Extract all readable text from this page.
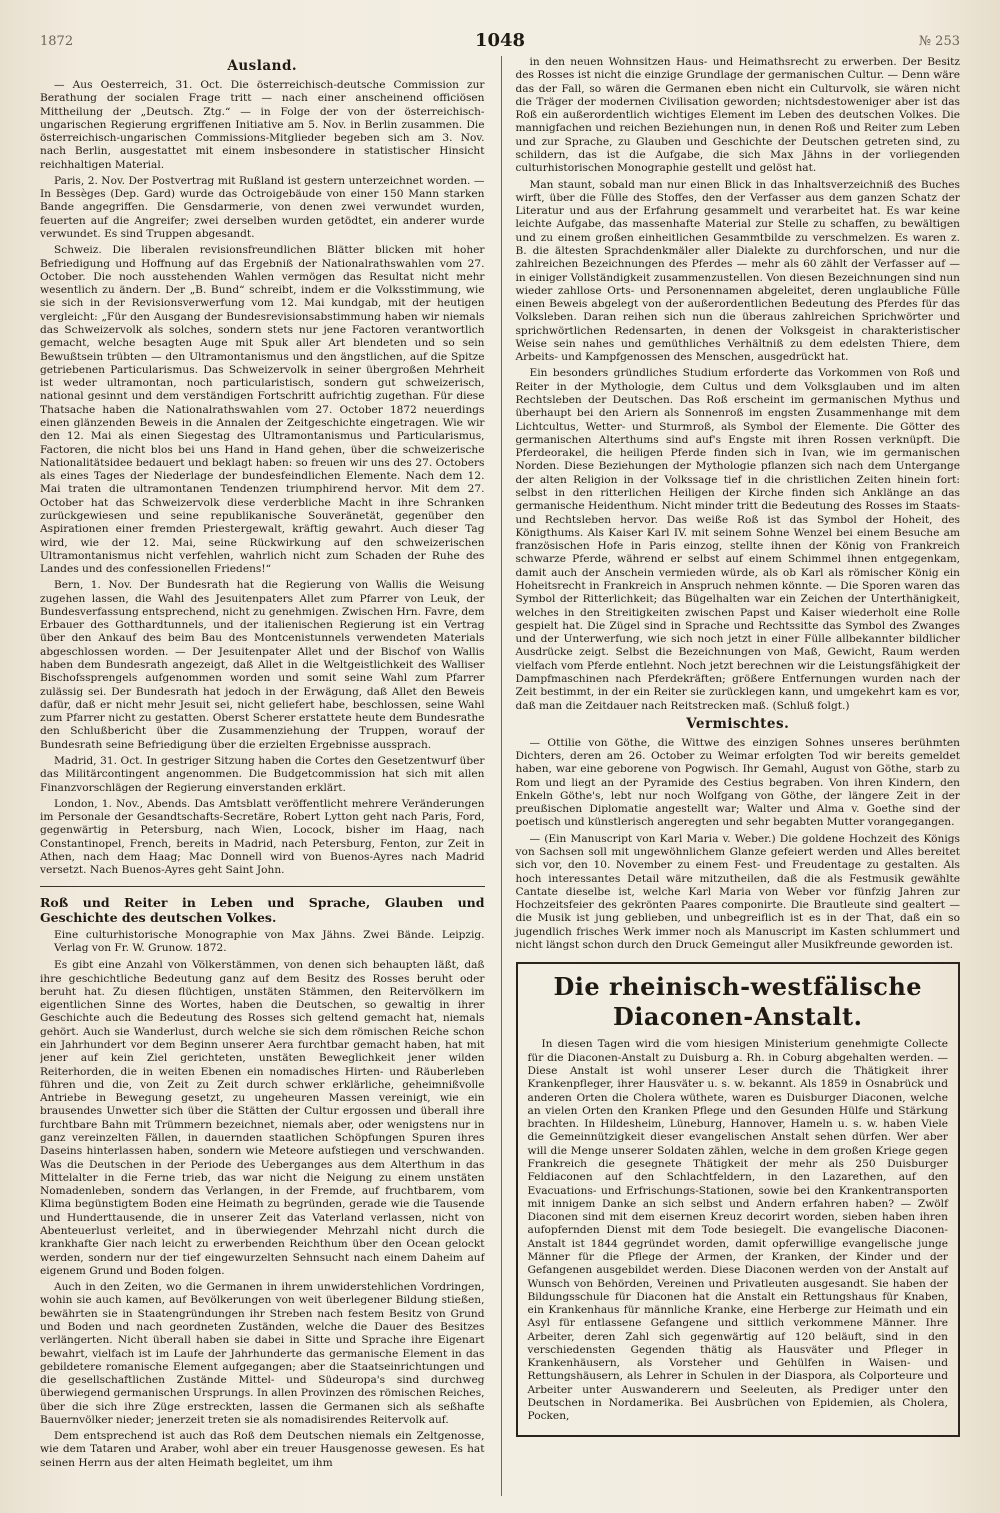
1872	1048	№ 253
Ausland.

— Aus Oesterreich, 31. Oct. Die österreichisch-deutsche Commission zur Berathung der socialen Frage tritt — nach einer anscheinend officiösen Mittheilung der „Deutsch. Ztg.“ — in Folge der von der österreichisch-ungarischen Regierung ergriffenen Initiative am 5. Nov. in Berlin zusammen. Die österreichisch-ungarischen Commissions-Mitglieder begeben sich am 3. Nov. nach Berlin, ausgestattet mit einem insbesondere in statistischer Hinsicht reichhaltigen Material.

Paris, 2. Nov. Der Postvertrag mit Rußland ist gestern unterzeichnet worden. — In Bessèges (Dep. Gard) wurde das Octroigebäude von einer 150 Mann starken Bande angegriffen. Die Gensdarmerie, von denen zwei verwundet wurden, feuerten auf die Angreifer; zwei derselben wurden getödtet, ein anderer wurde verwundet. Es sind Truppen abgesandt.

Schweiz. Die liberalen revisionsfreundlichen Blätter blicken mit hoher Befriedigung und Hoffnung auf das Ergebniß der Nationalrathswahlen vom 27. October. Die noch ausstehenden Wahlen vermögen das Resultat nicht mehr wesentlich zu ändern. Der „B. Bund“ schreibt, indem er die Volksstimmung, wie sie sich in der Revisionsverwerfung vom 12. Mai kundgab, mit der heutigen vergleicht: „Für den Ausgang der Bundesrevisionsabstimmung haben wir niemals das Schweizervolk als solches, sondern stets nur jene Factoren verantwortlich gemacht, welche besagten Auge mit Spuk aller Art blendeten und so sein Bewußtsein trübten — den Ultramontanismus und den ängstlichen, auf die Spitze getriebenen Particularismus. Das Schweizervolk in seiner übergroßen Mehrheit ist weder ultramontan, noch particularistisch, sondern gut schweizerisch, national gesinnt und dem verständigen Fortschritt aufrichtig zugethan. Für diese Thatsache haben die Nationalrathswahlen vom 27. October 1872 neuerdings einen glänzenden Beweis in die Annalen der Zeitgeschichte eingetragen. Wie wir den 12. Mai als einen Siegestag des Ultramontanismus und Particularismus, Factoren, die nicht blos bei uns Hand in Hand gehen, über die schweizerische Nationalitätsidee bedauert und beklagt haben: so freuen wir uns des 27. Octobers als eines Tages der Niederlage der bundesfeindlichen Elemente. Nach dem 12. Mai traten die ultramontanen Tendenzen triumphirend hervor. Mit dem 27. October hat das Schweizervolk diese verderbliche Macht in ihre Schranken zurückgewiesen und seine republikanische Souveränetät, gegenüber den Aspirationen einer fremden Priestergewalt, kräftig gewahrt. Auch dieser Tag wird, wie der 12. Mai, seine Rückwirkung auf den schweizerischen Ultramontanismus nicht verfehlen, wahrlich nicht zum Schaden der Ruhe des Landes und des confessionellen Friedens!“

Bern, 1. Nov. Der Bundesrath hat die Regierung von Wallis die Weisung zugehen lassen, die Wahl des Jesuitenpaters Allet zum Pfarrer von Leuk, der Bundesverfassung entsprechend, nicht zu genehmigen. Zwischen Hrn. Favre, dem Erbauer des Gotthardtunnels, und der italienischen Regierung ist ein Vertrag über den Ankauf des beim Bau des Montcenistunnels verwendeten Materials abgeschlossen worden. — Der Jesuitenpater Allet und der Bischof von Wallis haben dem Bundesrath angezeigt, daß Allet in die Weltgeistlichkeit des Walliser Bischofssprengels aufgenommen worden und somit seine Wahl zum Pfarrer zulässig sei. Der Bundesrath hat jedoch in der Erwägung, daß Allet den Beweis dafür, daß er nicht mehr Jesuit sei, nicht geliefert habe, beschlossen, seine Wahl zum Pfarrer nicht zu gestatten. Oberst Scherer erstattete heute dem Bundesrathe den Schlußbericht über die Zusammenziehung der Truppen, worauf der Bundesrath seine Befriedigung über die erzielten Ergebnisse aussprach.

Madrid, 31. Oct. In gestriger Sitzung haben die Cortes den Gesetzentwurf über das Militärcontingent angenommen. Die Budgetcommission hat sich mit allen Finanzvorschlägen der Regierung einverstanden erklärt.

London, 1. Nov., Abends. Das Amtsblatt veröffentlicht mehrere Veränderungen im Personale der Gesandtschafts-Secretäre, Robert Lytton geht nach Paris, Ford, gegenwärtig in Petersburg, nach Wien, Locock, bisher im Haag, nach Constantinopel, French, bereits in Madrid, nach Petersburg, Fenton, zur Zeit in Athen, nach dem Haag; Mac Donnell wird von Buenos-Ayres nach Madrid versetzt. Nach Buenos-Ayres geht Saint John.

Roß und Reiter in Leben und Sprache, Glauben und Geschichte des deutschen Volkes.
Eine culturhistorische Monographie von Max Jähns. Zwei Bände. Leipzig. Verlag von Fr. W. Grunow. 1872.

Es gibt eine Anzahl von Völkerstämmen, von denen sich behaupten läßt, daß ihre geschichtliche Bedeutung ganz auf dem Besitz des Rosses beruht oder beruht hat. Zu diesen flüchtigen, unstäten Stämmen, den Reitervölkern im eigentlichen Sinne des Wortes, haben die Deutschen, so gewaltig in ihrer Geschichte auch die Bedeutung des Rosses sich geltend gemacht hat, niemals gehört. Auch sie Wanderlust, durch welche sie sich dem römischen Reiche schon ein Jahrhundert vor dem Beginn unserer Aera furchtbar gemacht haben, hat mit jener auf kein Ziel gerichteten, unstäten Beweglichkeit jener wilden Reiterhorden, die in weiten Ebenen ein nomadisches Hirten- und Räuberleben führen und die, von Zeit zu Zeit durch schwer erklärliche, geheimnißvolle Antriebe in Bewegung gesetzt, zu ungeheuren Massen vereinigt, wie ein brausendes Unwetter sich über die Stätten der Cultur ergossen und überall ihre furchtbare Bahn mit Trümmern bezeichnet, niemals aber, oder wenigstens nur in ganz vereinzelten Fällen, in dauernden staatlichen Schöpfungen Spuren ihres Daseins hinterlassen haben, sondern wie Meteore aufstiegen und verschwanden. Was die Deutschen in der Periode des Ueberganges aus dem Alterthum in das Mittelalter in die Ferne trieb, das war nicht die Neigung zu einem unstäten Nomadenleben, sondern das Verlangen, in der Fremde, auf fruchtbarem, vom Klima begünstigtem Boden eine Heimath zu begründen, gerade wie die Tausende und Hunderttausende, die in unserer Zeit das Vaterland verlassen, nicht von Abenteuerlust verleitet, and in überwiegender Mehrzahl nicht durch die krankhafte Gier nach leicht zu erwerbenden Reichthum über den Ocean gelockt werden, sondern nur der tief eingewurzelten Sehnsucht nach einem Daheim auf eigenem Grund und Boden folgen.

Auch in den Zeiten, wo die Germanen in ihrem unwiderstehlichen Vordringen, wohin sie auch kamen, auf Bevölkerungen von weit überlegener Bildung stießen, bewährten sie in Staatengründungen ihr Streben nach festem Besitz von Grund und Boden und nach geordneten Zuständen, welche die Dauer des Besitzes verlängerten. Nicht überall haben sie dabei in Sitte und Sprache ihre Eigenart bewahrt, vielfach ist im Laufe der Jahrhunderte das germanische Element in das gebildetere romanische Element aufgegangen; aber die Staatseinrichtungen und die gesellschaftlichen Zustände Mittel- und Südeuropa's sind durchweg überwiegend germanischen Ursprungs. In allen Provinzen des römischen Reiches, über die sich ihre Züge erstreckten, lassen die Germanen sich als seßhafte Bauernvölker nieder; jenerzeit treten sie als nomadisirendes Reitervolk auf.

Dem entsprechend ist auch das Roß dem Deutschen niemals ein Zeltgenosse, wie dem Tataren und Araber, wohl aber ein treuer Hausgenosse gewesen. Es hat seinen Herrn aus der alten Heimath begleitet, um ihm

in den neuen Wohnsitzen Haus- und Heimathsrecht zu erwerben. Der Besitz des Rosses ist nicht die einzige Grundlage der germanischen Cultur. — Denn wäre das der Fall, so wären die Germanen eben nicht ein Culturvolk, sie wären nicht die Träger der modernen Civilisation geworden; nichtsdestoweniger aber ist das Roß ein außerordentlich wichtiges Element im Leben des deutschen Volkes. Die mannigfachen und reichen Beziehungen nun, in denen Roß und Reiter zum Leben und zur Sprache, zu Glauben und Geschichte der Deutschen getreten sind, zu schildern, das ist die Aufgabe, die sich Max Jähns in der vorliegenden culturhistorischen Monographie gestellt und gelöst hat.

Man staunt, sobald man nur einen Blick in das Inhaltsverzeichniß des Buches wirft, über die Fülle des Stoffes, den der Verfasser aus dem ganzen Schatz der Literatur und aus der Erfahrung gesammelt und verarbeitet hat. Es war keine leichte Aufgabe, das massenhafte Material zur Stelle zu schaffen, zu bewältigen und zu einem großen einheitlichen Gesammtbilde zu verschmelzen. Es waren z. B. die ältesten Sprachdenkmäler aller Dialekte zu durchforschen, und nur die zahlreichen Bezeichnungen des Pferdes — mehr als 60 zählt der Verfasser auf — in einiger Vollständigkeit zusammenzustellen. Von diesen Bezeichnungen sind nun wieder zahllose Orts- und Personennamen abgeleitet, deren unglaubliche Fülle einen Beweis abgelegt von der außerordentlichen Bedeutung des Pferdes für das Volksleben. Daran reihen sich nun die überaus zahlreichen Sprichwörter und sprichwörtlichen Redensarten, in denen der Volksgeist in charakteristischer Weise sein nahes und gemüthliches Verhältniß zu dem edelsten Thiere, dem Arbeits- und Kampfgenossen des Menschen, ausgedrückt hat.

Ein besonders gründliches Studium erforderte das Vorkommen von Roß und Reiter in der Mythologie, dem Cultus und dem Volksglauben und im alten Rechtsleben der Deutschen. Das Roß erscheint im germanischen Mythus und überhaupt bei den Ariern als Sonnenroß im engsten Zusammenhange mit dem Lichtcultus, Wetter- und Sturmroß, als Symbol der Elemente. Die Götter des germanischen Alterthums sind auf's Engste mit ihren Rossen verknüpft. Die Pferdeorakel, die heiligen Pferde finden sich in Ivan, wie im germanischen Norden. Diese Beziehungen der Mythologie pflanzen sich nach dem Untergange der alten Religion in der Volkssage tief in die christlichen Zeiten hinein fort: selbst in den ritterlichen Heiligen der Kirche finden sich Anklänge an das germanische Heidenthum. Nicht minder tritt die Bedeutung des Rosses im Staats- und Rechtsleben hervor. Das weiße Roß ist das Symbol der Hoheit, des Königthums. Als Kaiser Karl IV. mit seinem Sohne Wenzel bei einem Besuche am französischen Hofe in Paris einzog, stellte ihnen der König von Frankreich schwarze Pferde, während er selbst auf einem Schimmel ihnen entgegenkam, damit auch der Anschein vermieden würde, als ob Karl als römischer König ein Hoheitsrecht in Frankreich in Anspruch nehmen könnte. — Die Sporen waren das Symbol der Ritterlichkeit; das Bügelhalten war ein Zeichen der Unterthänigkeit, welches in den Streitigkeiten zwischen Papst und Kaiser wiederholt eine Rolle gespielt hat. Die Zügel sind in Sprache und Rechtssitte das Symbol des Zwanges und der Unterwerfung, wie sich noch jetzt in einer Fülle allbekannter bildlicher Ausdrücke zeigt. Selbst die Bezeichnungen von Maß, Gewicht, Raum werden vielfach vom Pferde entlehnt. Noch jetzt berechnen wir die Leistungsfähigkeit der Dampfmaschinen nach Pferdekräften; größere Entfernungen wurden nach der Zeit bestimmt, in der ein Reiter sie zurücklegen kann, und umgekehrt kam es vor, daß man die Zeitdauer nach Reitstrecken maß. (Schluß folgt.)

Vermischtes.

— Ottilie von Göthe, die Wittwe des einzigen Sohnes unseres berühmten Dichters, deren am 26. October zu Weimar erfolgten Tod wir bereits gemeldet haben, war eine geborene von Pogwisch. Ihr Gemahl, August von Göthe, starb zu Rom und liegt an der Pyramide des Cestius begraben. Von ihren Kindern, den Enkeln Göthe's, lebt nur noch Wolfgang von Göthe, der längere Zeit in der preußischen Diplomatie angestellt war; Walter und Alma v. Goethe sind der poetisch und künstlerisch angeregten und sehr begabten Mutter vorangegangen.

— (Ein Manuscript von Karl Maria v. Weber.) Die goldene Hochzeit des Königs von Sachsen soll mit ungewöhnlichem Glanze gefeiert werden und Alles bereitet sich vor, den 10. November zu einem Fest- und Freudentage zu gestalten. Als hoch interessantes Detail wäre mitzutheilen, daß die als Festmusik gewählte Cantate dieselbe ist, welche Karl Maria von Weber vor fünfzig Jahren zur Hochzeitsfeier des gekrönten Paares componirte. Die Brautleute sind gealtert — die Musik ist jung geblieben, und unbegreiflich ist es in der That, daß ein so jugendlich frisches Werk immer noch als Manuscript im Kasten schlummert und nicht längst schon durch den Druck Gemeingut aller Musikfreunde geworden ist.

Die rheinisch-westfälische Diaconen-Anstalt.

In diesen Tagen wird die vom hiesigen Ministerium genehmigte Collecte für die Diaconen-Anstalt zu Duisburg a. Rh. in Coburg abgehalten werden. — Diese Anstalt ist wohl unserer Leser durch die Thätigkeit ihrer Krankenpfleger, ihrer Hausväter u. s. w. bekannt. Als 1859 in Osnabrück und anderen Orten die Cholera wüthete, waren es Duisburger Diaconen, welche an vielen Orten den Kranken Pflege und den Gesunden Hülfe und Stärkung brachten. In Hildesheim, Lüneburg, Hannover, Hameln u. s. w. haben Viele die Gemeinnützigkeit dieser evangelischen Anstalt sehen dürfen. Wer aber will die Menge unserer Soldaten zählen, welche in dem großen Kriege gegen Frankreich die gesegnete Thätigkeit der mehr als 250 Duisburger Feldiaconen auf den Schlachtfeldern, in den Lazarethen, auf den Evacuations- und Erfrischungs-Stationen, sowie bei den Krankentransporten mit innigem Danke an sich selbst und Andern erfahren haben? — Zwölf Diaconen sind mit dem eisernen Kreuz decorirt worden, sieben haben ihren aufopfernden Dienst mit dem Tode besiegelt. Die evangelische Diaconen-Anstalt ist 1844 gegründet worden, damit opferwillige evangelische junge Männer für die Pflege der Armen, der Kranken, der Kinder und der Gefangenen ausgebildet werden. Diese Diaconen werden von der Anstalt auf Wunsch von Behörden, Vereinen und Privatleuten ausgesandt. Sie haben der Bildungsschule für Diaconen hat die Anstalt ein Rettungshaus für Knaben, ein Krankenhaus für männliche Kranke, eine Herberge zur Heimath und ein Asyl für entlassene Gefangene und sittlich verkommene Männer. Ihre Arbeiter, deren Zahl sich gegenwärtig auf 120 beläuft, sind in den verschiedensten Gegenden thätig als Hausväter und Pfleger in Krankenhäusern, als Vorsteher und Gehülfen in Waisen- und Rettungshäusern, als Lehrer in Schulen in der Diaspora, als Colporteure und Arbeiter unter Auswanderern und Seeleuten, als Prediger unter den Deutschen in Nordamerika. Bei Ausbrüchen von Epidemien, als Cholera, Pocken,
